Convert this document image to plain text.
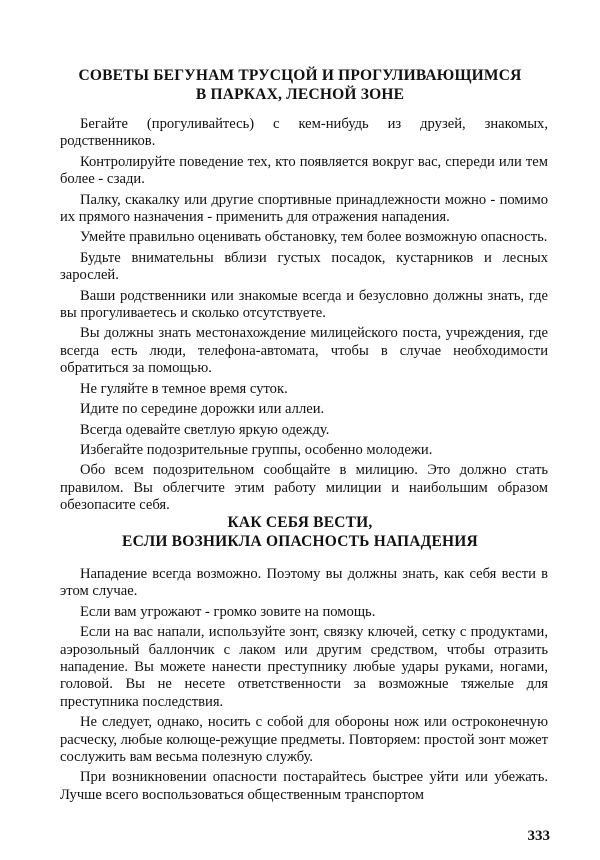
СОВЕТЫ БЕГУНАМ ТРУСЦОЙ И ПРОГУЛИВАЮЩИМСЯ
В ПАРКАХ, ЛЕСНОЙ ЗОНЕ

Бегайте (прогуливайтесь) с кем-нибудь из друзей, знакомых, родственников.

Контролируйте поведение тех, кто появляется вокруг вас, спереди или тем более - сзади.

Палку, скакалку или другие спортивные принадлежности можно - помимо их прямого назначения - применить для отражения нападения.

Умейте правильно оценивать обстановку, тем более возможную опасность.

Будьте внимательны вблизи густых посадок, кустарников и лесных зарослей.

Ваши родственники или знакомые всегда и безусловно должны знать, где вы прогуливаетесь и сколько отсутствуете.

Вы должны знать местонахождение милицейского поста, учреждения, где всегда есть люди, телефона-автомата, чтобы в случае необходимости обратиться за помощью.

Не гуляйте в темное время суток.

Идите по середине дорожки или аллеи.

Всегда одевайте светлую яркую одежду.

Избегайте подозрительные группы, особенно молодежи.

Обо всем подозрительном сообщайте в милицию. Это должно стать правилом. Вы облегчите этим работу милиции и наибольшим образом обезопасите себя.

КАК СЕБЯ ВЕСТИ,
ЕСЛИ ВОЗНИКЛА ОПАСНОСТЬ НАПАДЕНИЯ

Нападение всегда возможно. Поэтому вы должны знать, как себя вести в этом случае.

Если вам угрожают - громко зовите на помощь.

Если на вас напали, используйте зонт, связку ключей, сетку с продуктами, аэрозольный баллончик с лаком или другим средством, чтобы отразить нападение. Вы можете нанести преступнику любые удары руками, ногами, головой. Вы не несете ответственности за возможные тяжелые для преступника последствия.

Не следует, однако, носить с собой для обороны нож или остроконечную расческу, любые колюще-режущие предметы. Повторяем: простой зонт может сослужить вам весьма полезную службу.

При возникновении опасности постарайтесь быстрее уйти или убежать. Лучше всего воспользоваться общественным транспортом

333
